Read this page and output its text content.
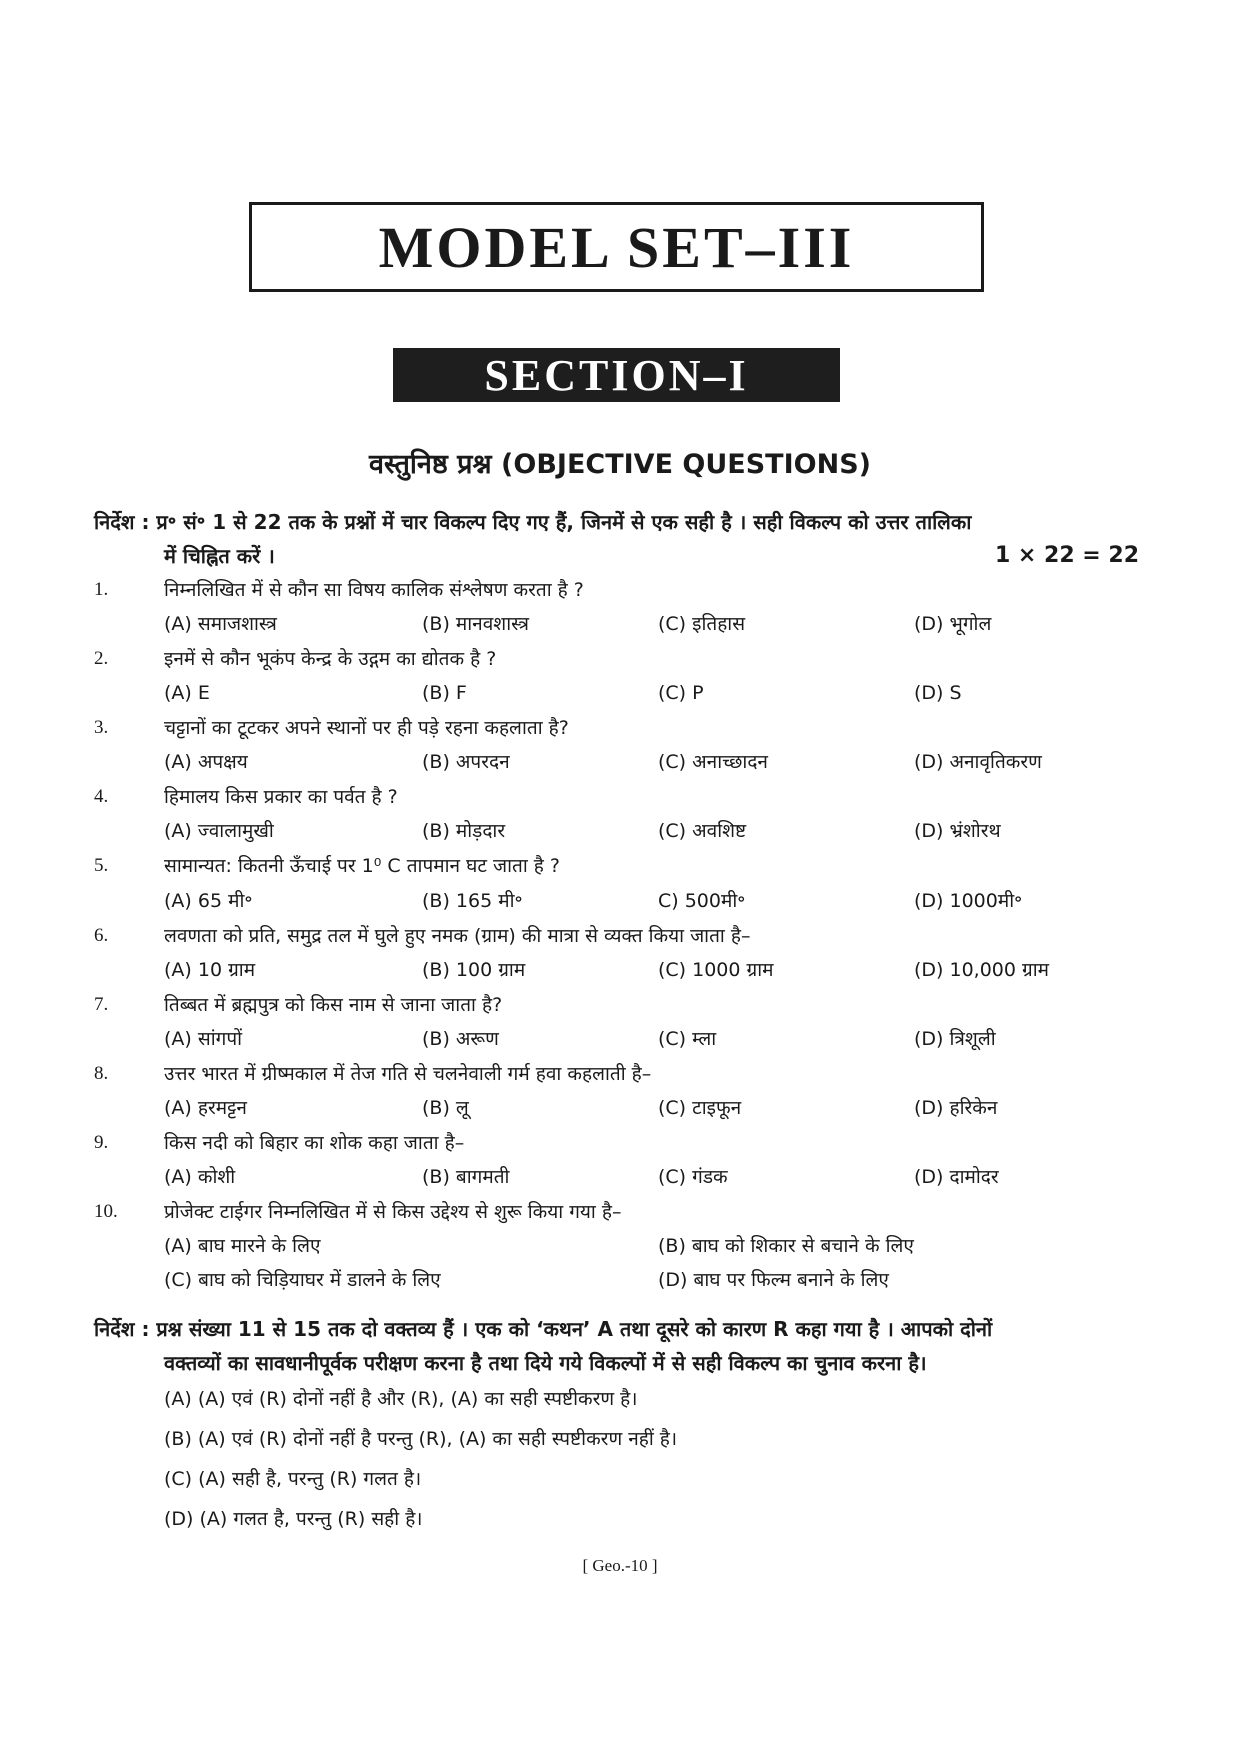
MODEL SET–III
SECTION–I
वस्तुनिष्ठ प्रश्न (OBJECTIVE QUESTIONS)
निर्देश : प्र॰ सं॰ 1 से 22 तक के प्रश्नों में चार विकल्प दिए गए हैं, जिनमें से एक सही है । सही विकल्प को उत्तर तालिका
में चिह्नित करें ।	1 × 22 = 22
1.	निम्नलिखित में से कौन सा विषय कालिक संश्लेषण करता है ?
(A) समाजशास्त्र	(B) मानवशास्त्र	(C) इतिहास	(D) भूगोल
2.	इनमें से कौन भूकंप केन्द्र के उद्गम का द्योतक है ?
(A) E	(B) F	(C) P	(D) S
3.	चट्टानों का टूटकर अपने स्थानों पर ही पड़े रहना कहलाता है?
(A) अपक्षय	(B) अपरदन	(C) अनाच्छादन	(D) अनावृतिकरण
4.	हिमालय किस प्रकार का पर्वत है ?
(A) ज्वालामुखी	(B) मोड़दार	(C) अवशिष्ट	(D) भ्रंशोरथ
5.	सामान्यत: कितनी ऊँचाई पर 1⁰ C तापमान घट जाता है ?
(A) 65 मी॰	(B) 165 मी॰	C) 500मी॰	(D) 1000मी॰
6.	लवणता को प्रति, समुद्र तल में घुले हुए नमक (ग्राम) की मात्रा से व्यक्त किया जाता है–
(A) 10 ग्राम	(B) 100 ग्राम	(C) 1000 ग्राम	(D) 10,000 ग्राम
7.	तिब्बत में ब्रह्मपुत्र को किस नाम से जाना जाता है?
(A) सांगपों	(B) अरूण	(C) म्ला	(D) त्रिशूली
8.	उत्तर भारत में ग्रीष्मकाल में तेज गति से चलनेवाली गर्म हवा कहलाती है–
(A) हरमट्टन	(B) लू	(C) टाइफून	(D) हरिकेन
9.	किस नदी को बिहार का शोक कहा जाता है–
(A) कोशी	(B) बागमती	(C) गंडक	(D) दामोदर
10. प्रोजेक्ट टाईगर निम्नलिखित में से किस उद्देश्य से शुरू किया गया है–
(A) बाघ मारने के लिए	(B) बाघ को शिकार से बचाने के लिए
(C) बाघ को चिड़ियाघर में डालने के लिए	(D) बाघ पर फिल्म बनाने के लिए
निर्देश : प्रश्न संख्या 11 से 15 तक दो वक्तव्य हैं । एक को ‘कथन’ A तथा दूसरे को कारण R कहा गया है । आपको दोनों
वक्तव्यों का सावधानीपूर्वक परीक्षण करना है तथा दिये गये विकल्पों में से सही विकल्प का चुनाव करना है।
(A) (A) एवं (R) दोनों नहीं है और (R), (A) का सही स्पष्टीकरण है।
(B) (A) एवं (R) दोनों नहीं है परन्तु (R), (A) का सही स्पष्टीकरण नहीं है।
(C) (A) सही है, परन्तु (R) गलत है।
(D) (A) गलत है, परन्तु (R) सही है।
[ Geo.-10 ]
